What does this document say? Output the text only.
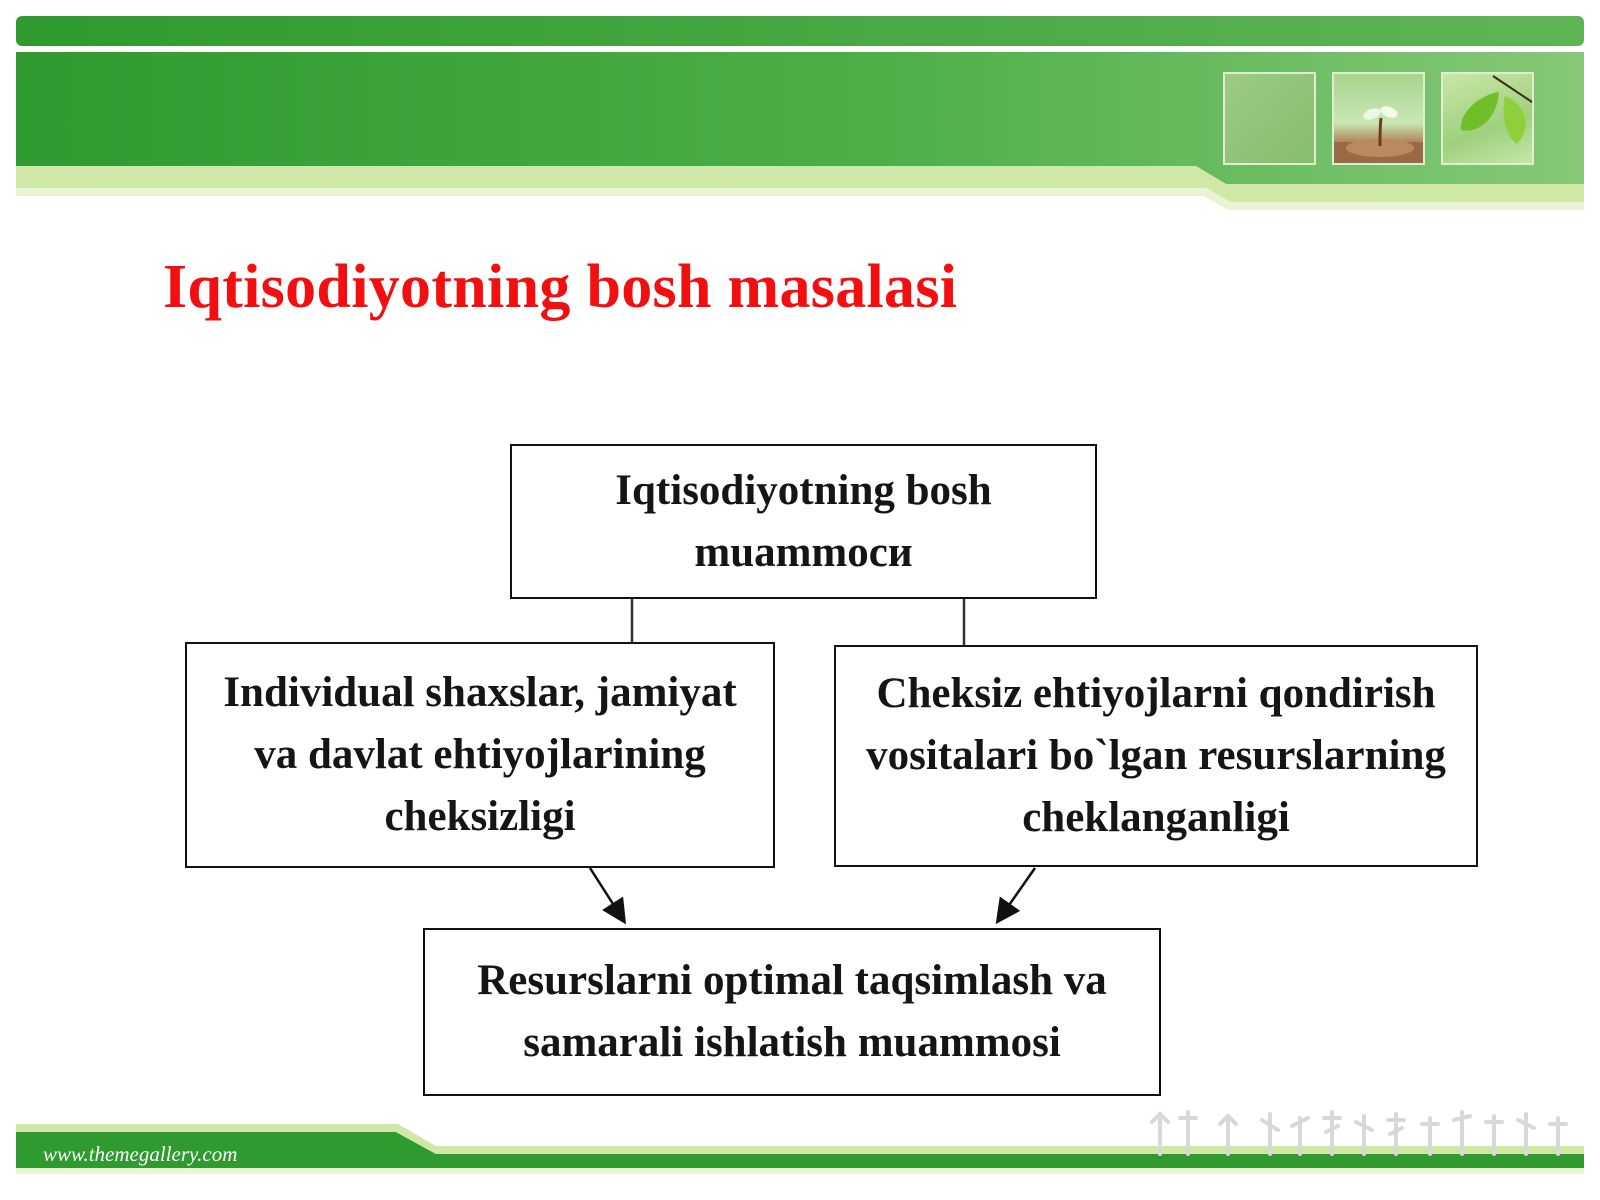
Iqtisodiyotning bosh masalasi
Iqtisodiyotning bosh muammoси
Individual shaxslar, jamiyat va davlat ehtiyojlarining cheksizligi
Cheksiz ehtiyojlarni qondirish vositalari bo`lgan resurslarning cheklanganligi
Resurslarni optimal taqsimlash va samarali ishlatish muammosi
www.themegallery.com
